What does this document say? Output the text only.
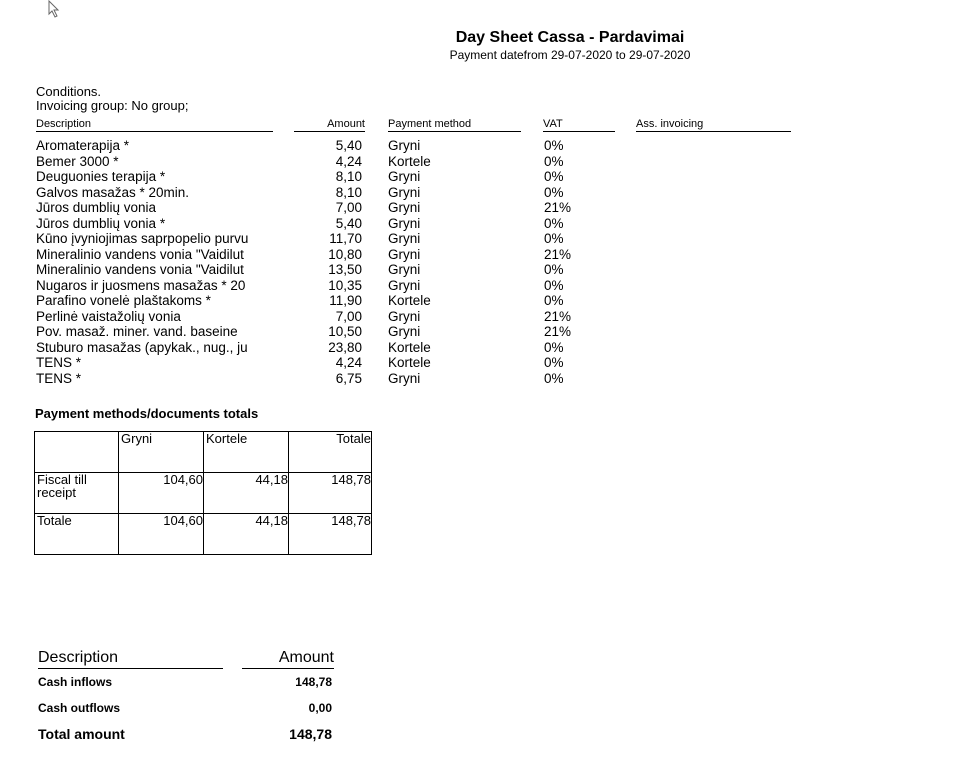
Day Sheet Cassa - Pardavimai
Payment datefrom 29-07-2020 to 29-07-2020
Conditions.
Invoicing group: No group;
Description	Amount Payment method	VAT	Ass. invoicing
Aromaterapija *	5,40 Gryni	0%
Bemer 3000 *	4,24 Kortele	0%
Deuguonies terapija *	8,10 Gryni	0%
Galvos masažas * 20min.	8,10 Gryni	0%
Jūros dumblių vonia	7,00 Gryni	21%
Jūros dumblių vonia *	5,40 Gryni	0%
Kūno įvyniojimas saprpopelio purvu	11,70 Gryni	0%
Mineralinio vandens vonia "Vaidilut	10,80 Gryni	21%
Mineralinio vandens vonia "Vaidilut	13,50 Gryni	0%
Nugaros ir juosmens masažas * 20	10,35 Gryni	0%
Parafino vonelė plaštakoms *	11,90 Kortele	0%
Perlinė vaistažolių vonia	7,00 Gryni	21%
Pov. masaž. miner. vand. baseine	10,50 Gryni	21%
Stuburo masažas (apykak., nug., ju	23,80 Kortele	0%
TENS *	4,24 Kortele	0%
TENS *	6,75 Gryni	0%
Payment methods/documents totals
	Gryni	Kortele	Totale
Fiscal till receipt	104,60	44,18	148,78
Totale	104,60	44,18	148,78
Description	Amount
Cash inflows	148,78
Cash outflows	0,00
Total amount	148,78
